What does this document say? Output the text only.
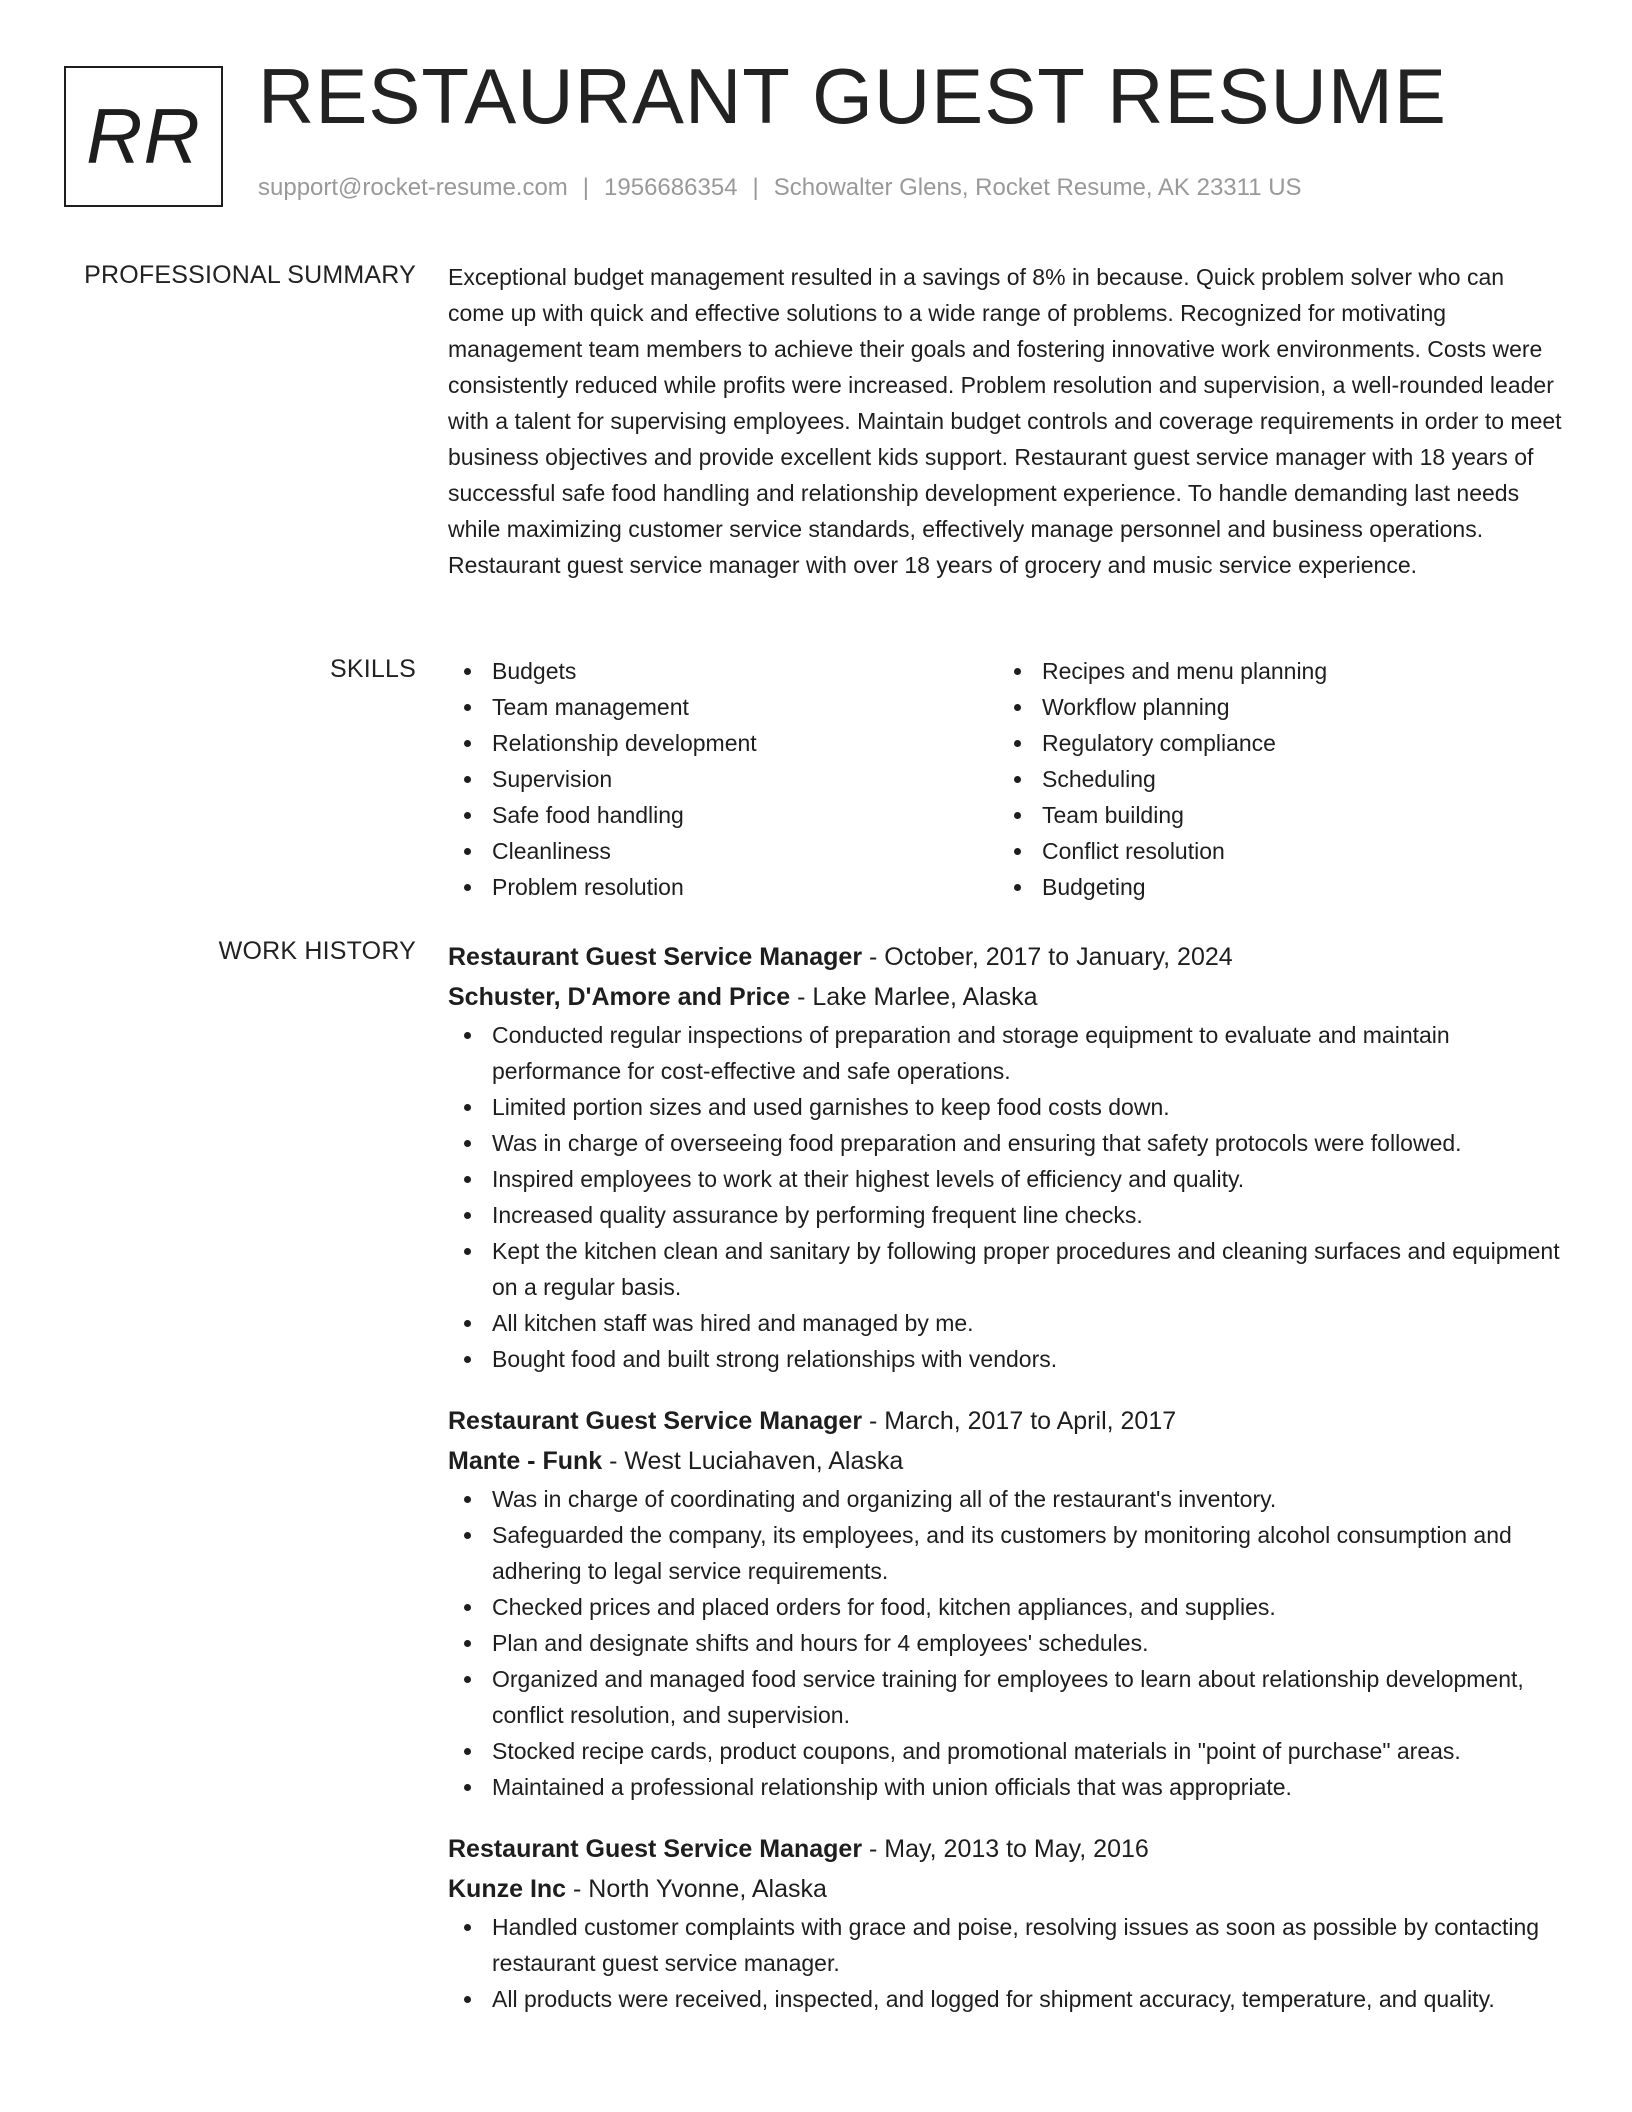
RR RESTAURANT GUEST RESUME
support@rocket-resume.com | 1956686354 | Schowalter Glens, Rocket Resume, AK 23311 US
PROFESSIONAL SUMMARY Exceptional budget management resulted in a savings of 8% in because. Quick problem solver who can come up with quick and effective solutions to a wide range of problems. Recognized for motivating management team members to achieve their goals and fostering innovative work environments. Costs were consistently reduced while profits were increased. Problem resolution and supervision, a well-rounded leader with a talent for supervising employees. Maintain budget controls and coverage requirements in order to meet business objectives and provide excellent kids support. Restaurant guest service manager with 18 years of successful safe food handling and relationship development experience. To handle demanding last needs while maximizing customer service standards, effectively manage personnel and business operations. Restaurant guest service manager with over 18 years of grocery and music service experience.

SKILLS	Budgets
Team management
Relationship development
Supervision
Safe food handling
Cleanliness
Problem resolution
Recipes and menu planning
Workflow planning
Regulatory compliance
Scheduling
Team building
Conflict resolution
Budgeting
WORK HISTORY Restaurant Guest Service Manager - October, 2017 to January, 2024
Schuster, D'Amore and Price - Lake Marlee, Alaska
Conducted regular inspections of preparation and storage equipment to evaluate and maintain performance for cost-effective and safe operations.
Limited portion sizes and used garnishes to keep food costs down.
Was in charge of overseeing food preparation and ensuring that safety protocols were followed.
Inspired employees to work at their highest levels of efficiency and quality.
Increased quality assurance by performing frequent line checks.
Kept the kitchen clean and sanitary by following proper procedures and cleaning surfaces and equipment on a regular basis.
All kitchen staff was hired and managed by me.
Bought food and built strong relationships with vendors.
Restaurant Guest Service Manager - March, 2017 to April, 2017
Mante - Funk - West Luciahaven, Alaska
Was in charge of coordinating and organizing all of the restaurant's inventory.
Safeguarded the company, its employees, and its customers by monitoring alcohol consumption and adhering to legal service requirements.
Checked prices and placed orders for food, kitchen appliances, and supplies.
Plan and designate shifts and hours for 4 employees' schedules.
Organized and managed food service training for employees to learn about relationship development, conflict resolution, and supervision.
Stocked recipe cards, product coupons, and promotional materials in "point of purchase" areas.
Maintained a professional relationship with union officials that was appropriate.
Restaurant Guest Service Manager - May, 2013 to May, 2016
Kunze Inc - North Yvonne, Alaska
Handled customer complaints with grace and poise, resolving issues as soon as possible by contacting restaurant guest service manager.
All products were received, inspected, and logged for shipment accuracy, temperature, and quality.
